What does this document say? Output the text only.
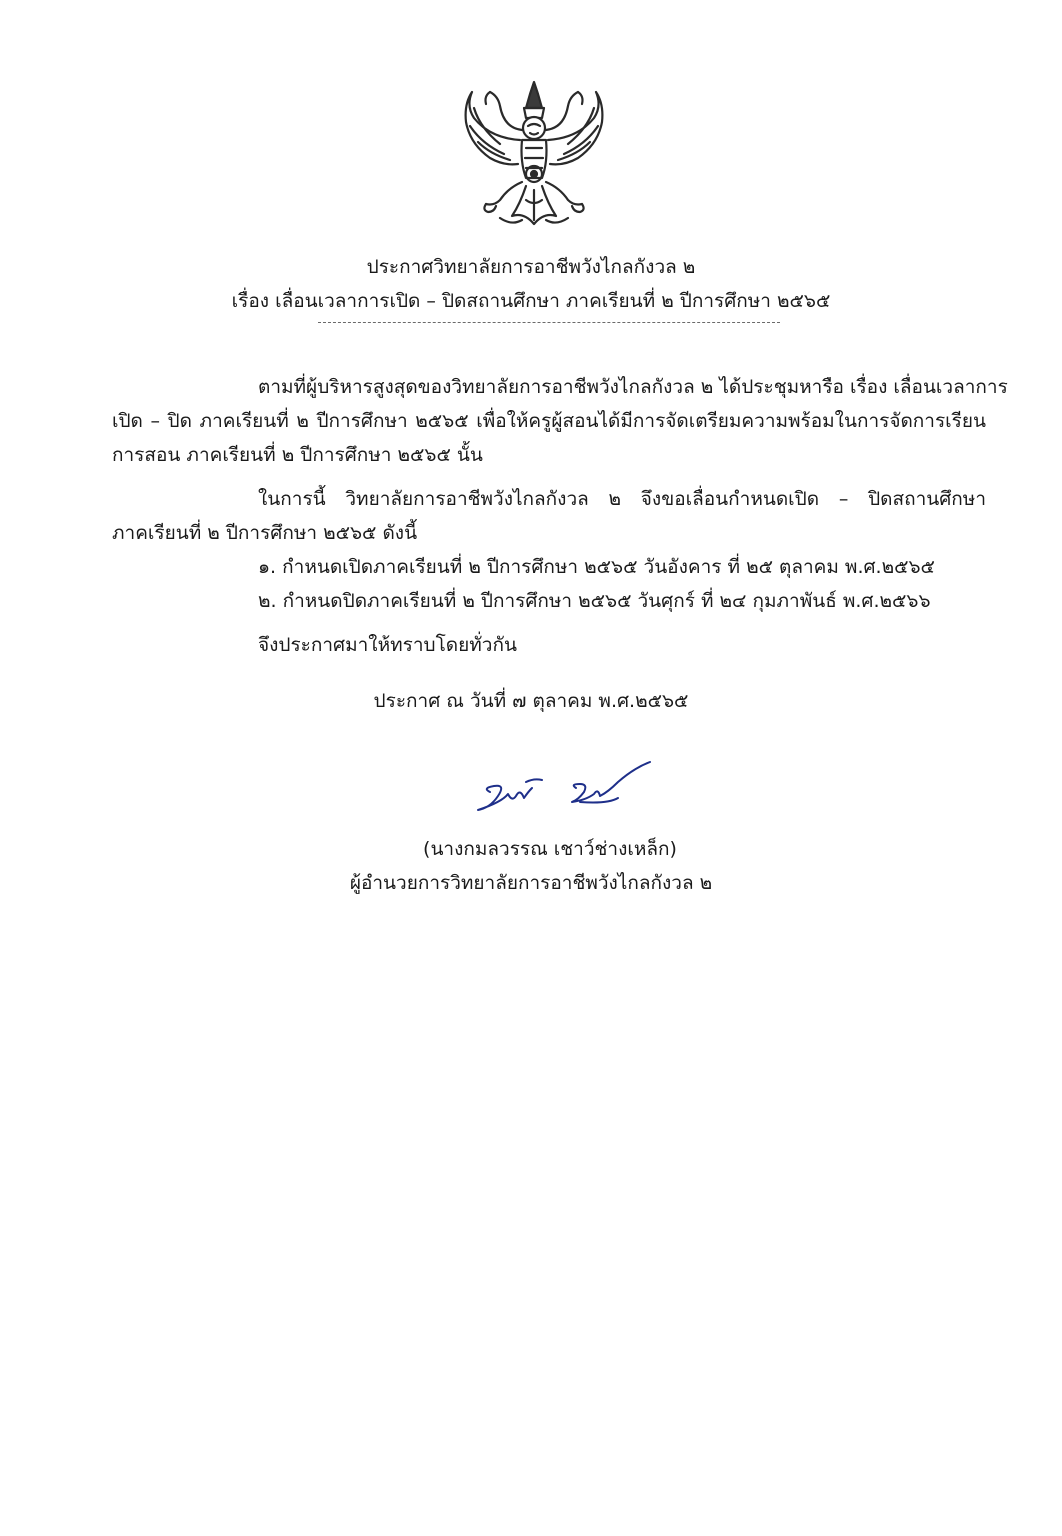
ประกาศวิทยาลัยการอาชีพวังไกลกังวล ๒
เรื่อง เลื่อนเวลาการเปิด – ปิดสถานศึกษา ภาคเรียนที่ ๒ ปีการศึกษา ๒๕๖๕
ตามที่ผู้บริหารสูงสุดของวิทยาลัยการอาชีพวังไกลกังวล ๒ ได้ประชุมหารือ เรื่อง เลื่อนเวลาการ
เปิด – ปิด ภาคเรียนที่ ๒ ปีการศึกษา ๒๕๖๕ เพื่อให้ครูผู้สอนได้มีการจัดเตรียมความพร้อมในการจัดการเรียน
การสอน ภาคเรียนที่ ๒ ปีการศึกษา ๒๕๖๕ นั้น
ในการนี้ วิทยาลัยการอาชีพวังไกลกังวล ๒ จึงขอเลื่อนกำหนดเปิด – ปิดสถานศึกษา
ภาคเรียนที่ ๒ ปีการศึกษา ๒๕๖๕ ดังนี้
๑. กำหนดเปิดภาคเรียนที่ ๒ ปีการศึกษา ๒๕๖๕ วันอังคาร ที่ ๒๕ ตุลาคม พ.ศ.๒๕๖๕
๒. กำหนดปิดภาคเรียนที่ ๒ ปีการศึกษา ๒๕๖๕ วันศุกร์ ที่ ๒๔ กุมภาพันธ์ พ.ศ.๒๕๖๖
จึงประกาศมาให้ทราบโดยทั่วกัน
ประกาศ ณ วันที่ ๗ ตุลาคม พ.ศ.๒๕๖๕
(นางกมลวรรณ เชาว์ช่างเหล็ก)
ผู้อำนวยการวิทยาลัยการอาชีพวังไกลกังวล ๒
